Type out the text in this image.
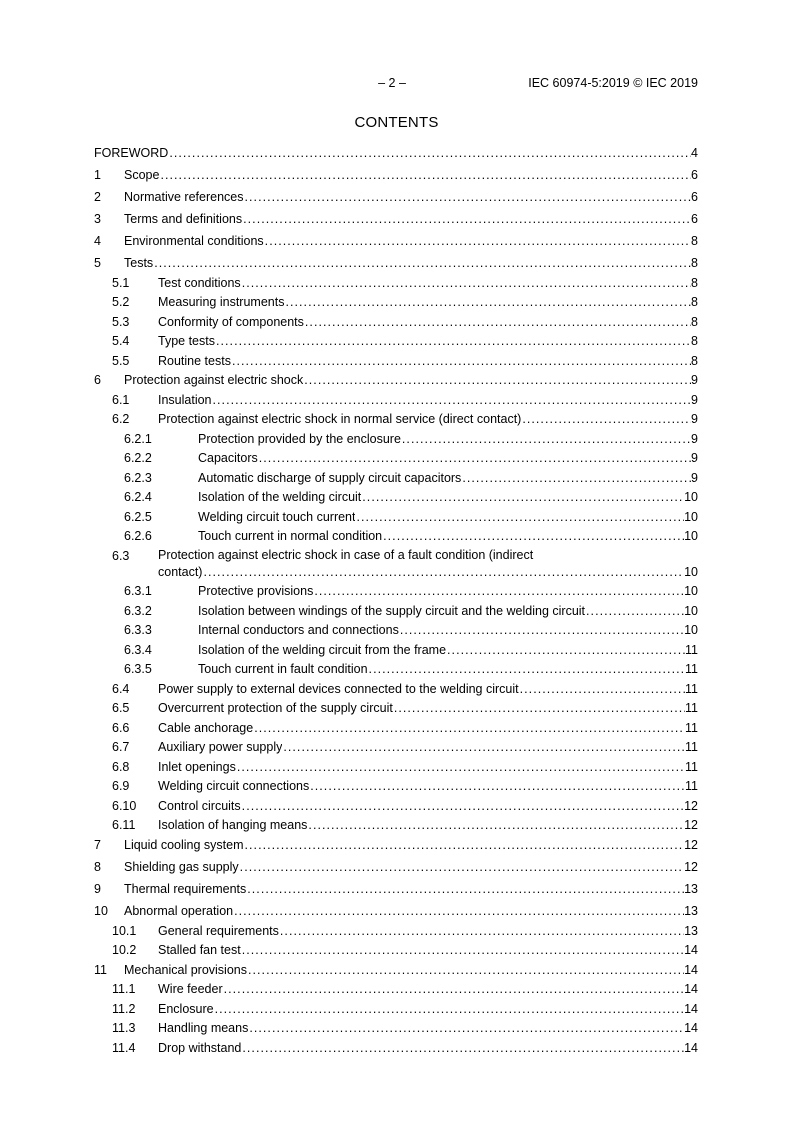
– 2 –	IEC 60974-5:2019 © IEC 2019
CONTENTS
FOREWORD .....	4
1	Scope .....	6
2	Normative references .....	6
3	Terms and definitions .....	6
4	Environmental conditions .....	8
5	Tests .....	8
5.1	Test conditions .....	8
5.2	Measuring instruments .....	8
5.3	Conformity of components .....	8
5.4	Type tests .....	8
5.5	Routine tests .....	8
6	Protection against electric shock .....	9
6.1	Insulation .....	9
6.2	Protection against electric shock in normal service (direct contact) .....	9
6.2.1	Protection provided by the enclosure .....	9
6.2.2	Capacitors .....	9
6.2.3	Automatic discharge of supply circuit capacitors .....	9
6.2.4	Isolation of the welding circuit .....	10
6.2.5	Welding circuit touch current .....	10
6.2.6	Touch current in normal condition .....	10
6.3	Protection against electric shock in case of a fault condition (indirect
contact) .....	10
6.3.1	Protective provisions .....	10
6.3.2	Isolation between windings of the supply circuit and the welding circuit .....	10
6.3.3	Internal conductors and connections .....	10
6.3.4	Isolation of the welding circuit from the frame .....	11
6.3.5	Touch current in fault condition .....	11
6.4	Power supply to external devices connected to the welding circuit .....	11
6.5	Overcurrent protection of the supply circuit .....	11
6.6	Cable anchorage .....	11
6.7	Auxiliary power supply .....	11
6.8	Inlet openings .....	11
6.9	Welding circuit connections .....	11
6.10	Control circuits .....	12
6.11	Isolation of hanging means .....	12
7	Liquid cooling system .....	12
8	Shielding gas supply .....	12
9	Thermal requirements .....	13
10	Abnormal operation .....	13
10.1	General requirements .....	13
10.2	Stalled fan test .....	14
11	Mechanical provisions .....	14
11.1	Wire feeder .....	14
11.2	Enclosure .....	14
11.3	Handling means .....	14
11.4	Drop withstand .....	14
